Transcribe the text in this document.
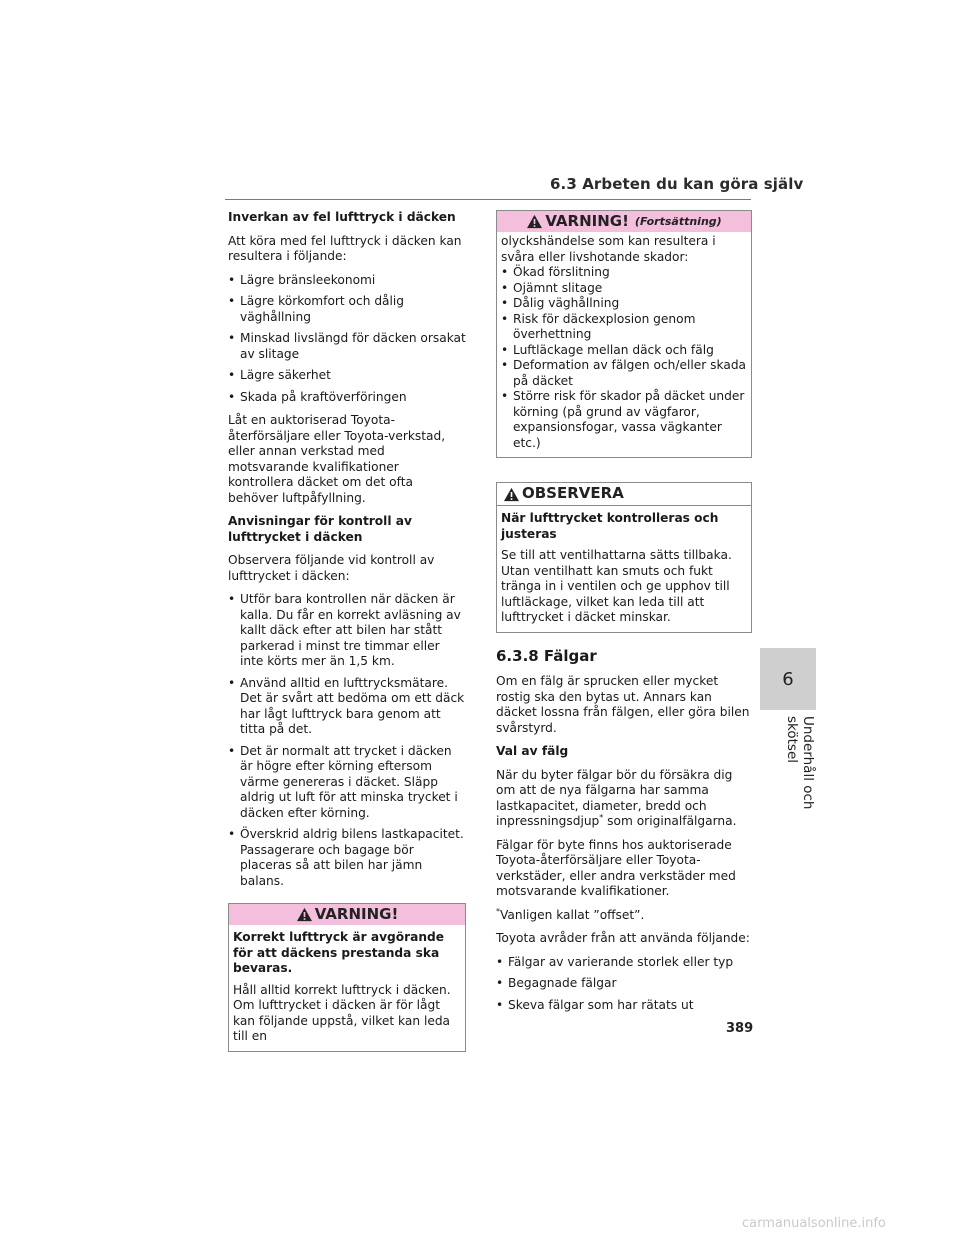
6.3 Arbeten du kan göra själv
Inverkan av fel lufttryck i däcken

Att köra med fel lufttryck i däcken kan resultera i följande:

• Lägre bränsleekonomi
• Lägre körkomfort och dålig väghållning
• Minskad livslängd för däcken orsakat av slitage
• Lägre säkerhet
• Skada på kraftöverföringen

Låt en auktoriserad Toyota-återförsäljare eller Toyota-verkstad, eller annan verkstad med motsvarande kvalifikationer kontrollera däcket om det ofta behöver luftpåfyllning.

Anvisningar för kontroll av lufttrycket i däcken

Observera följande vid kontroll av lufttrycket i däcken:

• Utför bara kontrollen när däcken är kalla. Du får en korrekt avläsning av kallt däck efter att bilen har stått parkerad i minst tre timmar eller inte körts mer än 1,5 km.
• Använd alltid en lufttrycksmätare. Det är svårt att bedöma om ett däck har lågt lufttryck bara genom att titta på det.
• Det är normalt att trycket i däcken är högre efter körning eftersom värme genereras i däcket. Släpp aldrig ut luft för att minska trycket i däcken efter körning.
• Överskrid aldrig bilens lastkapacitet. Passagerare och bagage bör placeras så att bilen har jämn balans.
VARNING!
Korrekt lufttryck är avgörande för att däckens prestanda ska bevaras.

Håll alltid korrekt lufttryck i däcken. Om lufttrycket i däcken är för lågt kan följande uppstå, vilket kan leda till en

VARNING! (Fortsättning)

olyckshändelse som kan resultera i svåra eller livshotande skador:

• Ökad förslitning
• Ojämnt slitage
• Dålig väghållning
• Risk för däckexplosion genom överhettning
• Luftläckage mellan däck och fälg
• Deformation av fälgen och/eller skada på däcket
• Större risk för skador på däcket under körning (på grund av vägfaror, expansionsfogar, vassa vägkanter etc.)
OBSERVERA
När lufttrycket kontrolleras och justeras

Se till att ventilhattarna sätts tillbaka. Utan ventilhatt kan smuts och fukt tränga in i ventilen och ge upphov till luftläckage, vilket kan leda till att lufttrycket i däcket minskar.

6.3.8 Fälgar

Om en fälg är sprucken eller mycket rostig ska den bytas ut. Annars kan däcket lossna från fälgen, eller göra bilen svårstyrd.

Val av fälg

När du byter fälgar bör du försäkra dig om att de nya fälgarna har samma lastkapacitet, diameter, bredd och inpressningsdjup* som originalfälgarna.

Fälgar för byte finns hos auktoriserade Toyota-återförsäljare eller Toyota-verkstäder, eller andra verkstäder med motsvarande kvalifikationer.

*Vanligen kallat ”offset”.

Toyota avråder från att använda följande:

• Fälgar av varierande storlek eller typ
• Begagnade fälgar
• Skeva fälgar som har rätats ut
6
Underhåll och skötsel
389
carmanualsonline.info
